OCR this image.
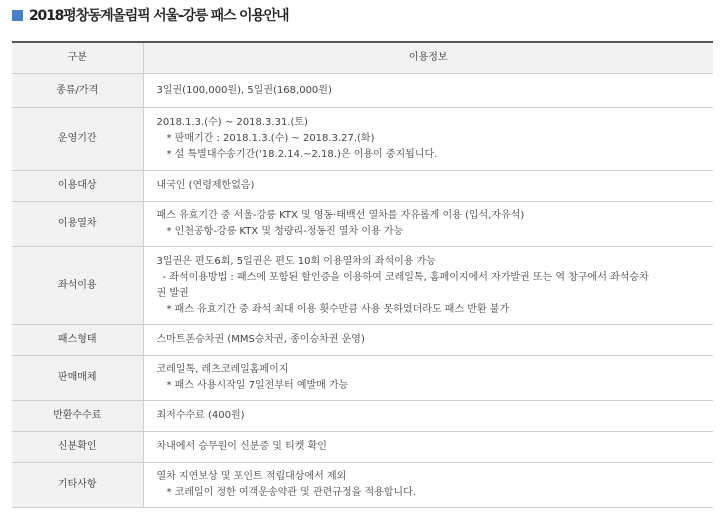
2018평창동계올림픽 서울-강릉 패스 이용안내
구분	이용정보
종류/가격	3일권(100,000원), 5일권(168,000원)

운영기간	2018.1.3.(수) ~ 2018.3.31.(토)
* 판매기간 : 2018.1.3.(수) ~ 2018.3.27.(화)
* 설 특별대수송기간('18.2.14.~2.18.)은 이용이 중지됩니다.

이용대상	내국인 (연령제한없음)

이용열차	패스 유효기간 중 서울-강릉 KTX 및 영동·태백선 열차를 자유롭게 이용 (입석,자유석)
* 인천공항-강릉 KTX 및 청량리-정동진 열차 이용 가능

좌석이용	3일권은 편도6회, 5일권은 편도 10회 이용열차의 좌석이용 가능
- 좌석이용방법 : 패스에 포함된 할인증을 이용하여 코레일톡, 홈페이지에서 자가발권 또는 역 창구에서 좌석승차
권 발권
* 패스 유효기간 중 좌석 최대 이용 횟수만큼 사용 못하였더라도 패스 반환 불가

패스형태	스마트폰승차권 (MMS승차권, 종이승차권 운영)

판매매체	코레일톡, 레츠코레일홈페이지
* 패스 사용시작일 7일전부터 예발매 가능

반환수수료	최저수수료 (400원)

신분확인	차내에서 승무원이 신분증 및 티켓 확인

기타사항	열차 지연보상 및 포인트 적립대상에서 제외
* 코레일이 정한 여객운송약관 및 관련규정을 적용합니다.
